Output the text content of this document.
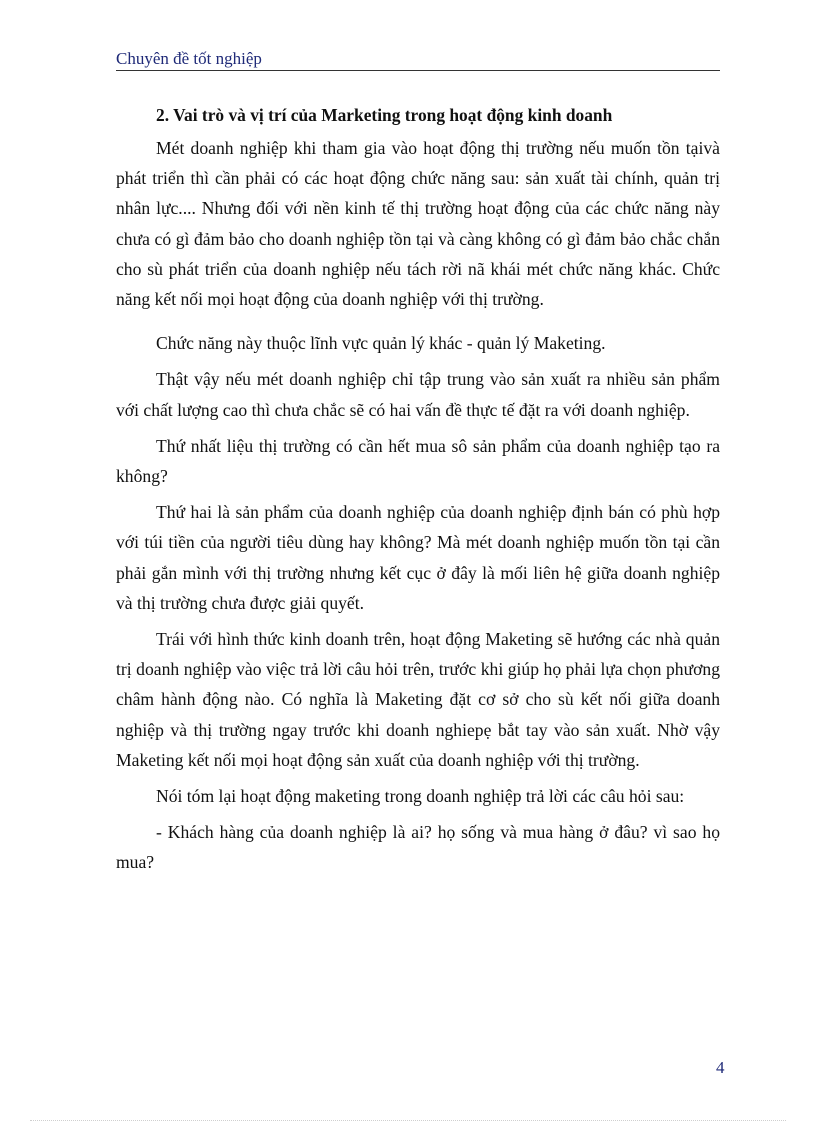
Chuyên đề tốt nghiệp
2. Vai trò và vị trí của Marketing trong hoạt động kinh doanh

Mét doanh nghiệp khi tham gia vào hoạt động thị trường nếu muốn tồn tạivà phát triển thì cần phải có các hoạt động chức năng sau: sản xuất tài chính, quản trị nhân lực.... Nhưng đối với nền kinh tế thị trường hoạt động của các chức năng này chưa có gì đảm bảo cho doanh nghiệp tồn tại và càng không có gì đảm bảo chắc chắn cho sù phát triển của doanh nghiệp nếu tách rời nã khái mét chức năng khác. Chức năng kết nối mọi hoạt động của doanh nghiệp với thị trường.

Chức năng này thuộc lĩnh vực quản lý khác - quản lý Maketing.

Thật vậy nếu mét doanh nghiệp chỉ tập trung vào sản xuất ra nhiều sản phẩm với chất lượng cao thì chưa chắc sẽ có hai vấn đề thực tế đặt ra với doanh nghiệp.

Thứ nhất liệu thị trường có cần hết mua sô sản phẩm của doanh nghiệp tạo ra không?

Thứ hai là sản phẩm của doanh nghiệp của doanh nghiệp định bán có phù hợp với túi tiền của người tiêu dùng hay không? Mà mét doanh nghiệp muốn tồn tại cần phải gắn mình với thị trường nhưng kết cục ở đây là mối liên hệ giữa doanh nghiệp và thị trường chưa được giải quyết.

Trái với hình thức kinh doanh trên, hoạt động Maketing sẽ hướng các nhà quản trị doanh nghiệp vào việc trả lời câu hỏi trên, trước khi giúp họ phải lựa chọn phương châm hành động nào. Có nghĩa là Maketing đặt cơ sở cho sù kết nối giữa doanh nghiệp và thị trường ngay trước khi doanh nghiepẹ bắt tay vào sản xuất. Nhờ vậy Maketing kết nối mọi hoạt động sản xuất của doanh nghiệp với thị trường.

Nói tóm lại hoạt động maketing trong doanh nghiệp trả lời các câu hỏi sau:

- Khách hàng của doanh nghiệp là ai? họ sống và mua hàng ở đâu? vì sao họ mua?

4
